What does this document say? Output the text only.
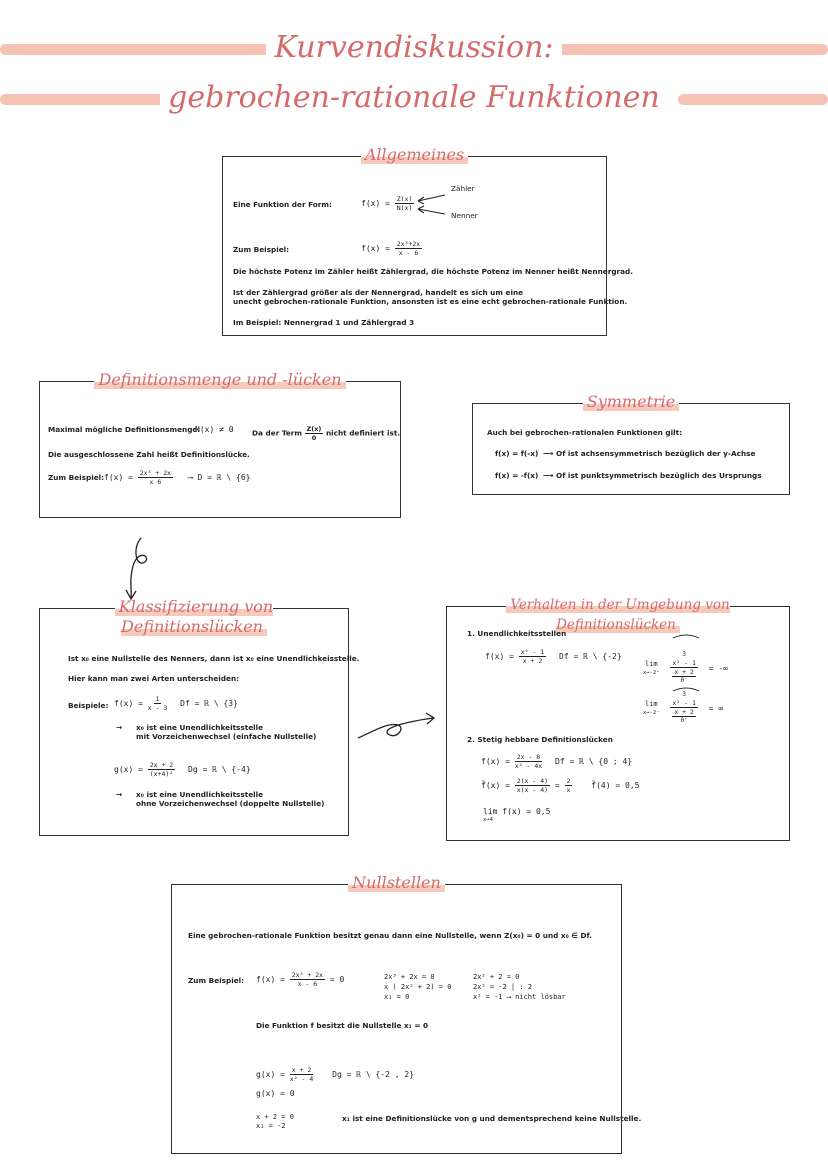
Kurvendiskussion:
gebrochen-rationale Funktionen
Allgemeines
Eine Funktion der Form:	$f(x) = \frac{Z(x)}{N(x)}$
Zähler
Nenner
Zum Beispiel:	$f(x) = \frac{\text{2x³+2x}}{x - 6}$
Die höchste Potenz im Zähler heißt Zählergrad, die höchste Potenz im Nenner heißt Nennergrad.
Ist der Zählergrad größer als der Nennergrad, handelt es sich um eine
unecht gebrochen-rationale Funktion, ansonsten ist es eine echt gebrochen-rationale Funktion.
Im Beispiel: Nennergrad 1 und Zählergrad 3
Definitionsmenge und -lücken
Maximal mögliche Definitionsmenge:
N(x) ≠ 0	Da der Term $\frac{Z(x)}{0}$ nicht definiert ist.
Die ausgeschlossene Zahl heißt Definitionslücke.
Zum Beispiel: $f(x) = \frac{\text{2x³ + 2x}}{x 6}$ ⟶ D = ℝ \ {6}
Symmetrie
Auch bei gebrochen-rationalen Funktionen gilt:
f(x) = f(-x) ⟶ Of ist achsensymmetrisch bezüglich der y-Achse
f(x) = -f(x) ⟶ Of ist punktsymmetrisch bezüglich des Ursprungs
Klassifizierung von Definitionslücken
Ist x₀ eine Nullstelle des Nenners, dann ist x₀ eine Unendlichkeisstelle.
Hier kann man zwei Arten unterscheiden:
Beispiele: $f(x) = \frac{1}{x - 3}$ Df = ℝ \ {3}
→ x₀ ist eine Unendlichkeitsstelle
mit Vorzeichenwechsel (einfache Nullstelle)
$g(x) = \frac{2x + 2}{\text{(x+4)²}}$ Dg = ℝ \ {-4}
→ x₀ ist eine Unendlichkeitsstelle
ohne Vorzeichenwechsel (doppelte Nullstelle)
Verhalten in der Umgebung von Definitionslücken
1. Unendlichkeitsstellen
$f(x) = \frac{\text{x² - 1}}{x + 2}$ Df = ℝ \ {-2}
lim
x→-2⁺
3
x² - 1
x + 2
0⁻
= -∞
lim
x→-2⁻
3
x² - 1
x + 2
0⁺
= ∞
2. Stetig hebbare Definitionslücken
$f(x) = \frac{2x - 8}{\text{x² - 4x}}$ Df = ℝ \ {0 ; 4}
f̃(x) = $\frac{2(x - 4)}{x(x - 4)} = \frac{2}{x}$ f̃(4) = 0,5
lim f(x) = 0,5
x→4
Nullstellen
Eine gebrochen-rationale Funktion besitzt genau dann eine Nullstelle, wenn Z(x₀) = 0 und x₀ ∈ Df.
Zum Beispiel: $f(x) = \frac{\text{2x³ + 2x}}{x - 6} = 0$	2x³ + 2x = 0
x ( 2x² + 2) = 0
x₁ = 0
2x² + 2 = 0
2x² = -2 | : 2
x² = -1 ⟶ nicht lösbar
Die Funktion f besitzt die Nullstelle x₁ = 0
$g(x) = \frac{x + 2}{\text{x² - 4}}$ Dg = ℝ \ {-2 , 2}
g(x) = 0
x + 2 = 0
x₁ = -2
x₁ ist eine Definitionslücke von g und dementsprechend keine Nullstelle.
